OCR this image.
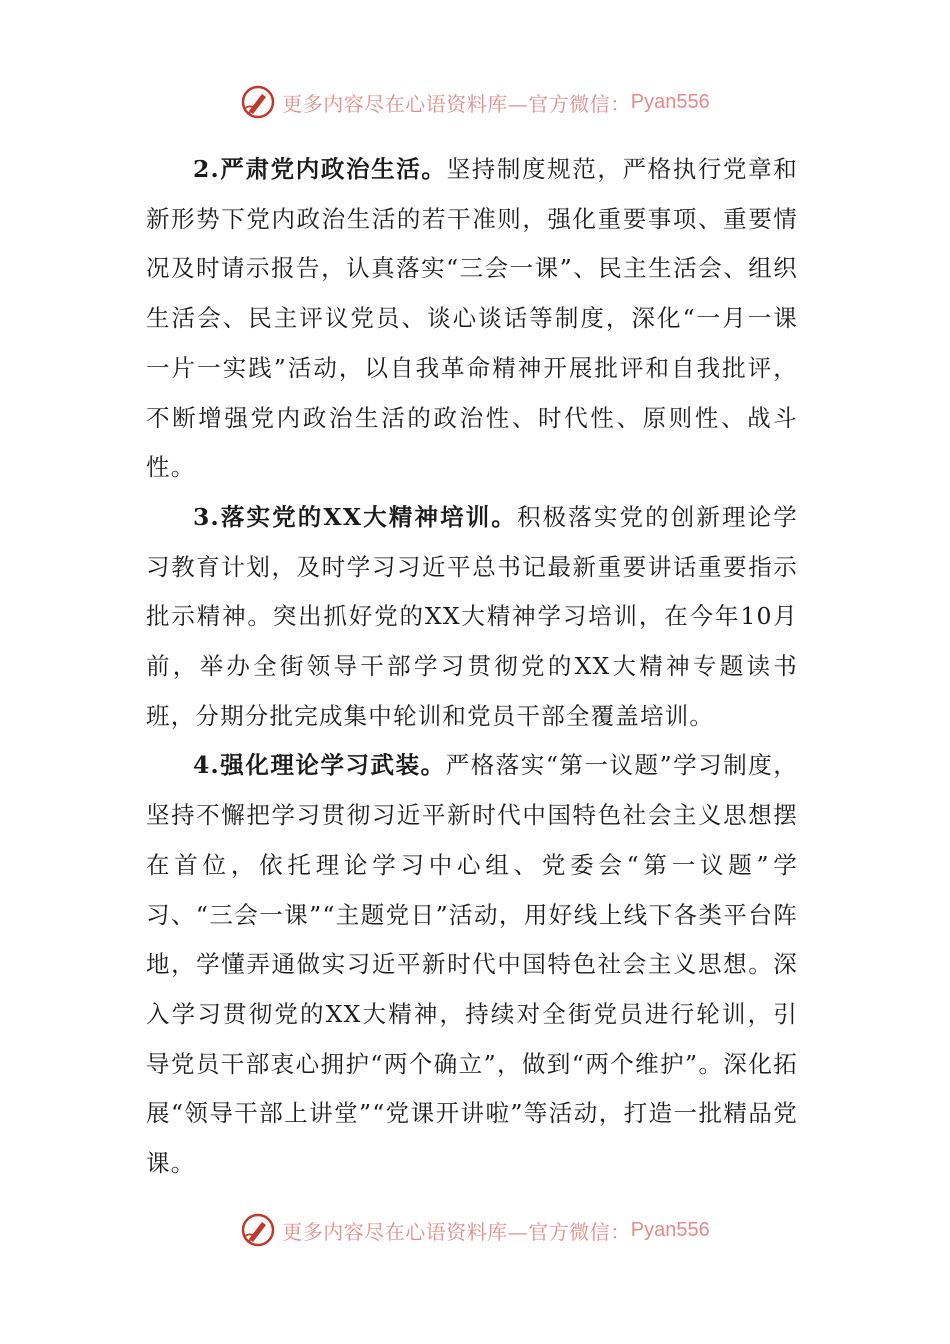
更多内容尽在心语资料库—官方微信： Pyan556

2.严肃党内政治生活。坚持制度规范，严格执行党章和新形势下党内政治生活的若干准则，强化重要事项、重要情况及时请示报告，认真落实“三会一课”、民主生活会、组织生活会、民主评议党员、谈心谈话等制度，深化“一月一课一片一实践”活动，以自我革命精神开展批评和自我批评，不断增强党内政治生活的政治性、时代性、原则性、战斗性。

3.落实党的XX大精神培训。积极落实党的创新理论学习教育计划，及时学习习近平总书记最新重要讲话重要指示批示精神。突出抓好党的XX大精神学习培训，在今年10月前，举办全街领导干部学习贯彻党的XX大精神专题读书班，分期分批完成集中轮训和党员干部全覆盖培训。

4.强化理论学习武装。严格落实“第一议题”学习制度，坚持不懈把学习贯彻习近平新时代中国特色社会主义思想摆在首位，依托理论学习中心组、党委会“第一议题”学习、“三会一课”“主题党日”活动，用好线上线下各类平台阵地，学懂弄通做实习近平新时代中国特色社会主义思想。深入学习贯彻党的XX大精神，持续对全街党员进行轮训，引导党员干部衷心拥护“两个确立”，做到“两个维护”。深化拓展“领导干部上讲堂”“党课开讲啦”等活动，打造一批精品党课。

更多内容尽在心语资料库—官方微信： Pyan556
